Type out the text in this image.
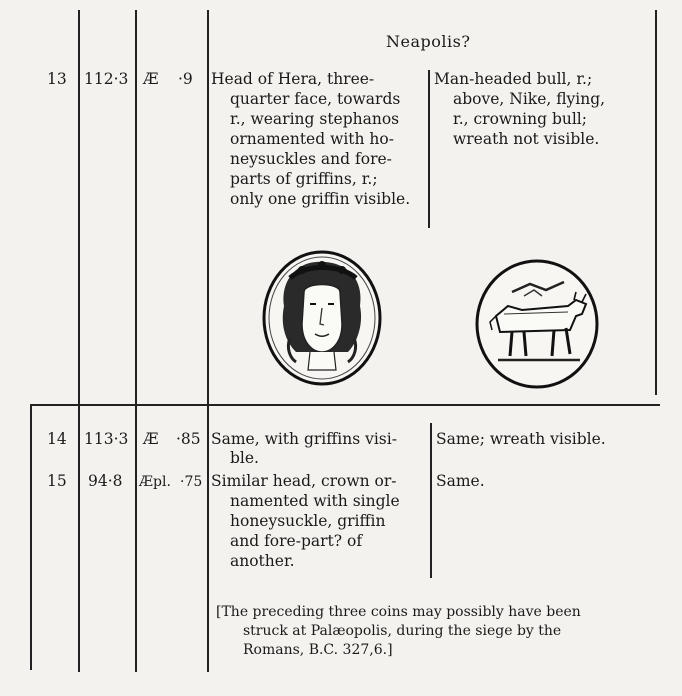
Neapolis?
13 112·3 Æ ·9 Head of Hera, three-
quarter face, towards
r., wearing stephanos
ornamented with ho-
neysuckles and fore-
parts of griffins, r.;
only one griffin visible.
Man-headed bull, r.;
above, Nike, flying,
r., crowning bull;
wreath not visible.
14 113·3 Æ ·85 Same, with griffins visi-
ble.
Same; wreath visible.
15 94·8 Æpl. ·75 Similar head, crown or-
namented with single
honeysuckle, griffin
and fore-part? of
another.
Same.
[The preceding three coins may possibly have been
struck at Palæopolis, during the siege by the
Romans, B.C. 327,6.]
